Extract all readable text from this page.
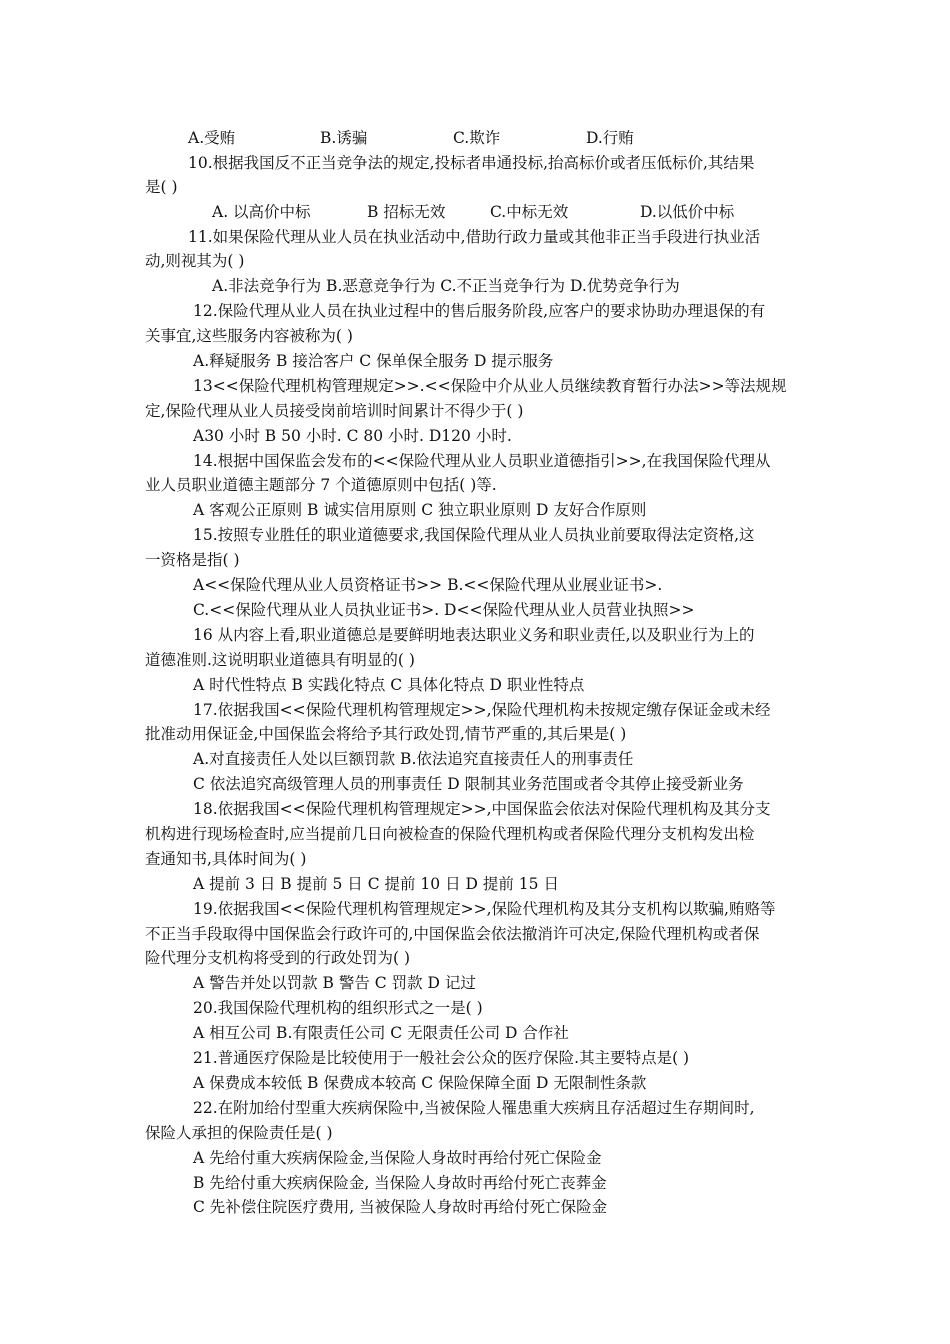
A.受贿	B.诱骗	C.欺诈	D.行贿
10.根据我国反不正当竞争法的规定,投标者串通投标,抬高标价或者压低标价,其结果
是( )
A. 以高价中标	B 招标无效	C.中标无效	D.以低价中标
11.如果保险代理从业人员在执业活动中,借助行政力量或其他非正当手段进行执业活
动,则视其为( )
A.非法竞争行为 B.恶意竞争行为 C.不正当竞争行为 D.优势竞争行为
12.保险代理从业人员在执业过程中的售后服务阶段,应客户的要求协助办理退保的有
关事宜,这些服务内容被称为( )
A.释疑服务 B 接洽客户 C 保单保全服务 D 提示服务
13<<保险代理机构管理规定>>.<<保险中介从业人员继续教育暂行办法>>等法规规
定,保险代理从业人员接受岗前培训时间累计不得少于( )
A30 小时 B 50 小时. C 80 小时. D120 小时.
14.根据中国保监会发布的<<保险代理从业人员职业道德指引>>,在我国保险代理从
业人员职业道德主题部分 7 个道德原则中包括( )等.
A 客观公正原则 B 诚实信用原则 C 独立职业原则 D 友好合作原则
15.按照专业胜任的职业道德要求,我国保险代理从业人员执业前要取得法定资格,这
一资格是指( )
A<<保险代理从业人员资格证书>> B.<<保险代理从业展业证书>.
C.<<保险代理从业人员执业证书>. D<<保险代理从业人员营业执照>>
16 从内容上看,职业道德总是要鲜明地表达职业义务和职业责任,以及职业行为上的
道德准则.这说明职业道德具有明显的( )
A 时代性特点 B 实践化特点 C 具体化特点 D 职业性特点
17.依据我国<<保险代理机构管理规定>>,保险代理机构未按规定缴存保证金或未经
批准动用保证金,中国保监会将给予其行政处罚,情节严重的,其后果是( )
A.对直接责任人处以巨额罚款 B.依法追究直接责任人的刑事责任
C 依法追究高级管理人员的刑事责任 D 限制其业务范围或者令其停止接受新业务
18.依据我国<<保险代理机构管理规定>>,中国保监会依法对保险代理机构及其分支
机构进行现场检查时,应当提前几日向被检查的保险代理机构或者保险代理分支机构发出检
查通知书,具体时间为( )
A 提前 3 日 B 提前 5 日 C 提前 10 日 D 提前 15 日
19.依据我国<<保险代理机构管理规定>>,保险代理机构及其分支机构以欺骗,贿赂等
不正当手段取得中国保监会行政许可的,中国保监会依法撤消许可决定,保险代理机构或者保
险代理分支机构将受到的行政处罚为( )
A 警告并处以罚款 B 警告 C 罚款 D 记过
20.我国保险代理机构的组织形式之一是( )
A 相互公司 B.有限责任公司 C 无限责任公司 D 合作社
21.普通医疗保险是比较使用于一般社会公众的医疗保险.其主要特点是( )
A 保费成本较低 B 保费成本较高 C 保险保障全面 D 无限制性条款
22.在附加给付型重大疾病保险中,当被保险人罹患重大疾病且存活超过生存期间时,
保险人承担的保险责任是( )
A 先给付重大疾病保险金,当保险人身故时再给付死亡保险金
B 先给付重大疾病保险金, 当保险人身故时再给付死亡丧葬金
C 先补偿住院医疗费用, 当被保险人身故时再给付死亡保险金
